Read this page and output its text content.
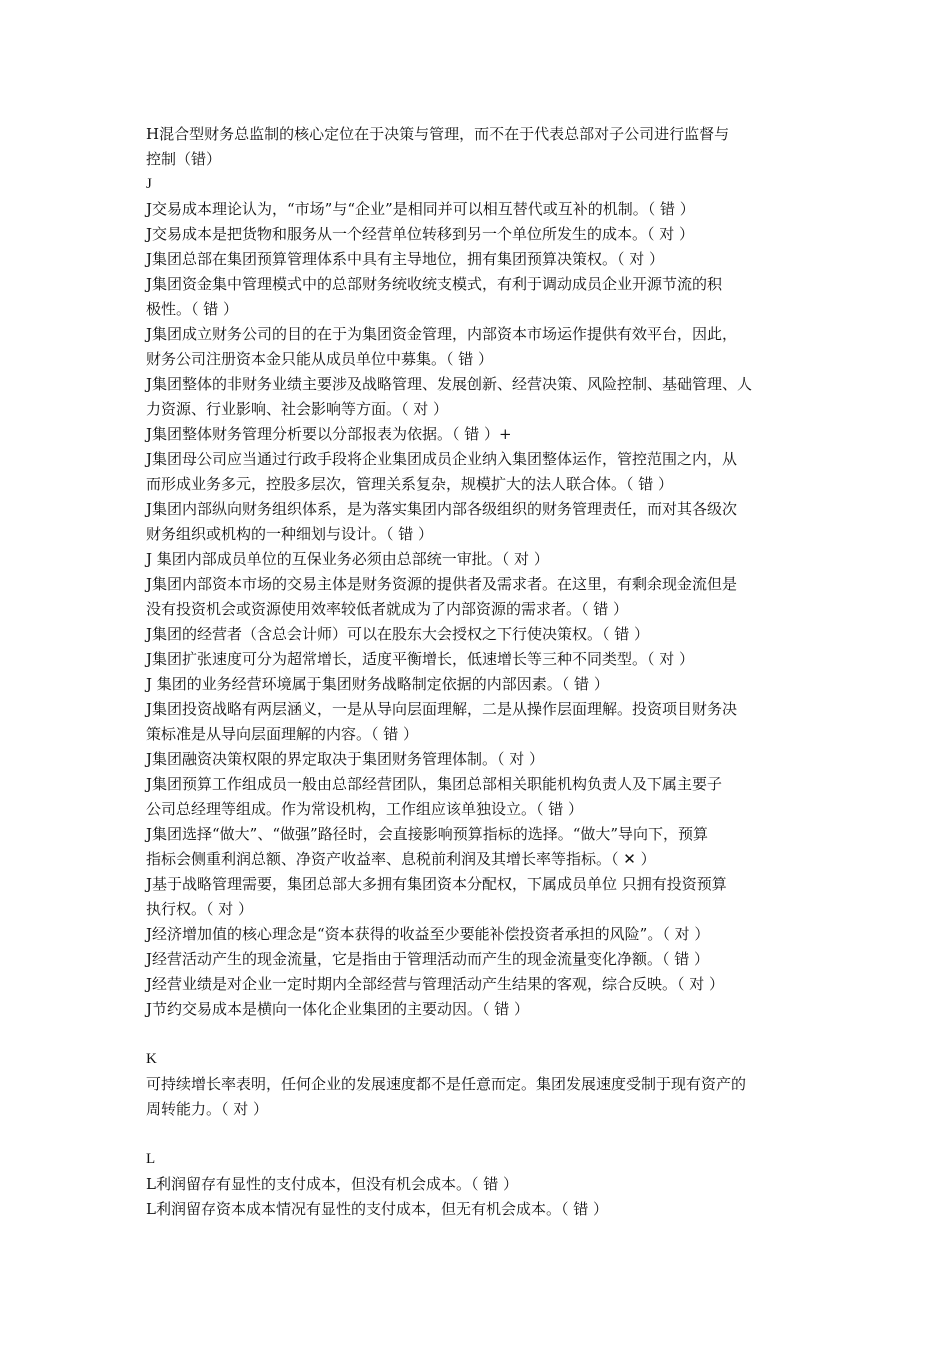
H混合型财务总监制的核心定位在于决策与管理，而不在于代表总部对子公司进行监督与

控制（错）

J

J交易成本理论认为，“市场”与“企业”是相同并可以相互替代或互补的机制。（ 错 ）

J交易成本是把货物和服务从一个经营单位转移到另一个单位所发生的成本。（ 对 ）

J集团总部在集团预算管理体系中具有主导地位，拥有集团预算决策权。（ 对 ）

J集团资金集中管理模式中的总部财务统收统支模式，有利于调动成员企业开源节流的积

极性。（ 错 ）

J集团成立财务公司的目的在于为集团资金管理，内部资本市场运作提供有效平台，因此，

财务公司注册资本金只能从成员单位中募集。（ 错 ）

J集团整体的非财务业绩主要涉及战略管理、发展创新、经营决策、风险控制、基础管理、人

力资源、行业影响、社会影响等方面。（ 对 ）

J集团整体财务管理分析要以分部报表为依据。（ 错 ）+

J集团母公司应当通过行政手段将企业集团成员企业纳入集团整体运作，管控范围之内，从

而形成业务多元，控股多层次，管理关系复杂，规模扩大的法人联合体。（ 错 ）

J集团内部纵向财务组织体系，是为落实集团内部各级组织的财务管理责任，而对其各级次

财务组织或机构的一种细划与设计。（ 错 ）

J 集团内部成员单位的互保业务必须由总部统一审批。（ 对 ）

J集团内部资本市场的交易主体是财务资源的提供者及需求者。在这里，有剩余现金流但是

没有投资机会或资源使用效率较低者就成为了内部资源的需求者。（ 错 ）

J集团的经营者（含总会计师）可以在股东大会授权之下行使决策权。（ 错 ）

J集团扩张速度可分为超常增长，适度平衡增长，低速增长等三种不同类型。（ 对 ）

J 集团的业务经营环境属于集团财务战略制定依据的内部因素。（ 错 ）

J集团投资战略有两层涵义，一是从导向层面理解，二是从操作层面理解。投资项目财务决

策标准是从导向层面理解的内容。（ 错 ）

J集团融资决策权限的界定取决于集团财务管理体制。（ 对 ）

J集团预算工作组成员一般由总部经营团队，集团总部相关职能机构负责人及下属主要子

公司总经理等组成。作为常设机构，工作组应该单独设立。（ 错 ）

J集团选择“做大”、“做强”路径时，会直接影响预算指标的选择。“做大”导向下，预算

指标会侧重利润总额、净资产收益率、息税前利润及其增长率等指标。（ ✕ ）

J基于战略管理需要，集团总部大多拥有集团资本分配权，下属成员单位 只拥有投资预算

执行权。（ 对 ）

J经济增加值的核心理念是“资本获得的收益至少要能补偿投资者承担的风险”。（ 对 ）

J经营活动产生的现金流量，它是指由于管理活动而产生的现金流量变化净额。（ 错 ）

J经营业绩是对企业一定时期内全部经营与管理活动产生结果的客观，综合反映。（ 对 ）

J节约交易成本是横向一体化企业集团的主要动因。（ 错 ）

K

可持续增长率表明，任何企业的发展速度都不是任意而定。集团发展速度受制于现有资产的

周转能力。（ 对 ）

L

L利润留存有显性的支付成本，但没有机会成本。（ 错 ）

L利润留存资本成本情况有显性的支付成本，但无有机会成本。（ 错 ）
